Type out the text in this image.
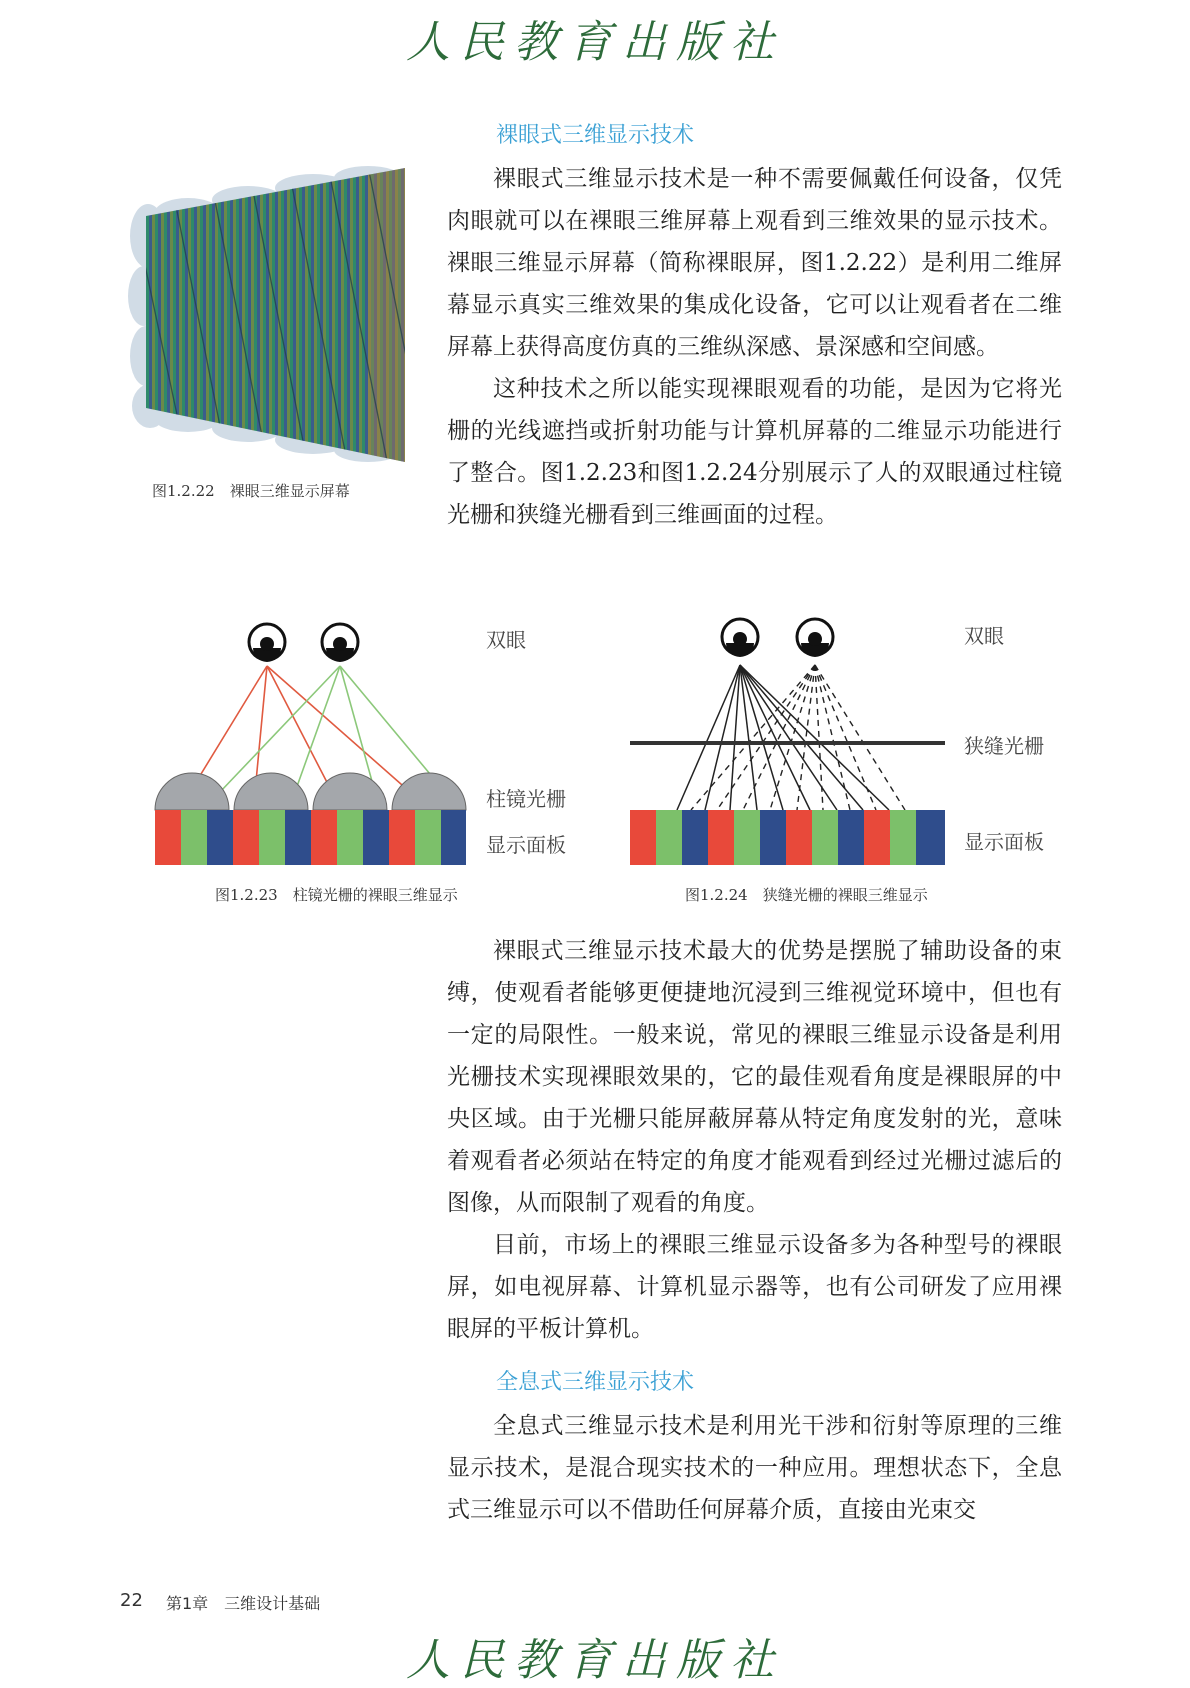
人民教育出版社
裸眼式三维显示技术

裸眼式三维显示技术是一种不需要佩戴任何设备，仅凭肉眼就可以在裸眼三维屏幕上观看到三维效果的显示技术。裸眼三维显示屏幕（简称裸眼屏，图1.2.22）是利用二维屏幕显示真实三维效果的集成化设备，它可以让观看者在二维屏幕上获得高度仿真的三维纵深感、景深感和空间感。

这种技术之所以能实现裸眼观看的功能，是因为它将光栅的光线遮挡或折射功能与计算机屏幕的二维显示功能进行了整合。图1.2.23和图1.2.24分别展示了人的双眼通过柱镜光栅和狭缝光栅看到三维画面的过程。

图1.2.22　裸眼三维显示屏幕
双眼
柱镜光栅
显示面板
图1.2.23　柱镜光栅的裸眼三维显示
双眼
狭缝光栅
显示面板
图1.2.24　狭缝光栅的裸眼三维显示

裸眼式三维显示技术最大的优势是摆脱了辅助设备的束缚，使观看者能够更便捷地沉浸到三维视觉环境中，但也有一定的局限性。一般来说，常见的裸眼三维显示设备是利用光栅技术实现裸眼效果的，它的最佳观看角度是裸眼屏的中央区域。由于光栅只能屏蔽屏幕从特定角度发射的光，意味着观看者必须站在特定的角度才能观看到经过光栅过滤后的图像，从而限制了观看的角度。

目前，市场上的裸眼三维显示设备多为各种型号的裸眼屏，如电视屏幕、计算机显示器等，也有公司研发了应用裸眼屏的平板计算机。

全息式三维显示技术

全息式三维显示技术是利用光干涉和衍射等原理的三维显示技术，是混合现实技术的一种应用。理想状态下，全息式三维显示可以不借助任何屏幕介质，直接由光束交

22 第1章　三维设计基础
人民教育出版社
